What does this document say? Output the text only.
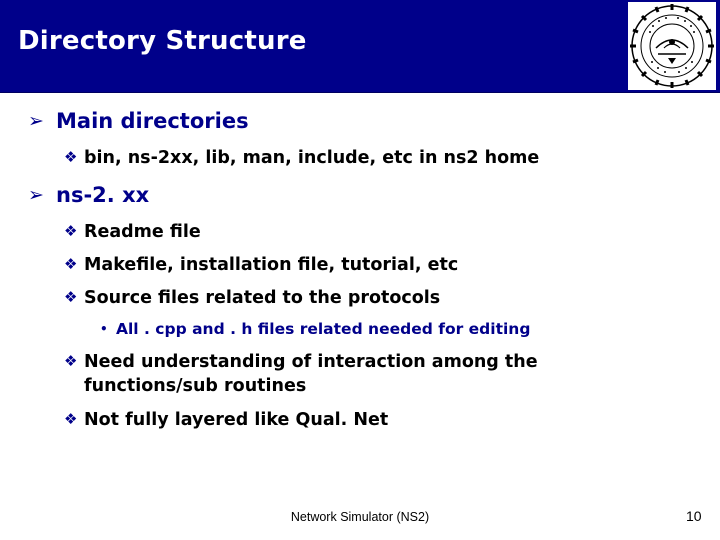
Directory Structure
➢ Main directories
❖ bin, ns-2xx, lib, man, include, etc in ns2 home
➢ ns-2. xx
❖ Readme file
❖ Makefile, installation file, tutorial, etc
❖ Source files related to the protocols
• All . cpp and . h files related needed for editing
❖ Need understanding of interaction among the functions/sub routines
❖ Not fully layered like Qual. Net
Network Simulator (NS2)	10
